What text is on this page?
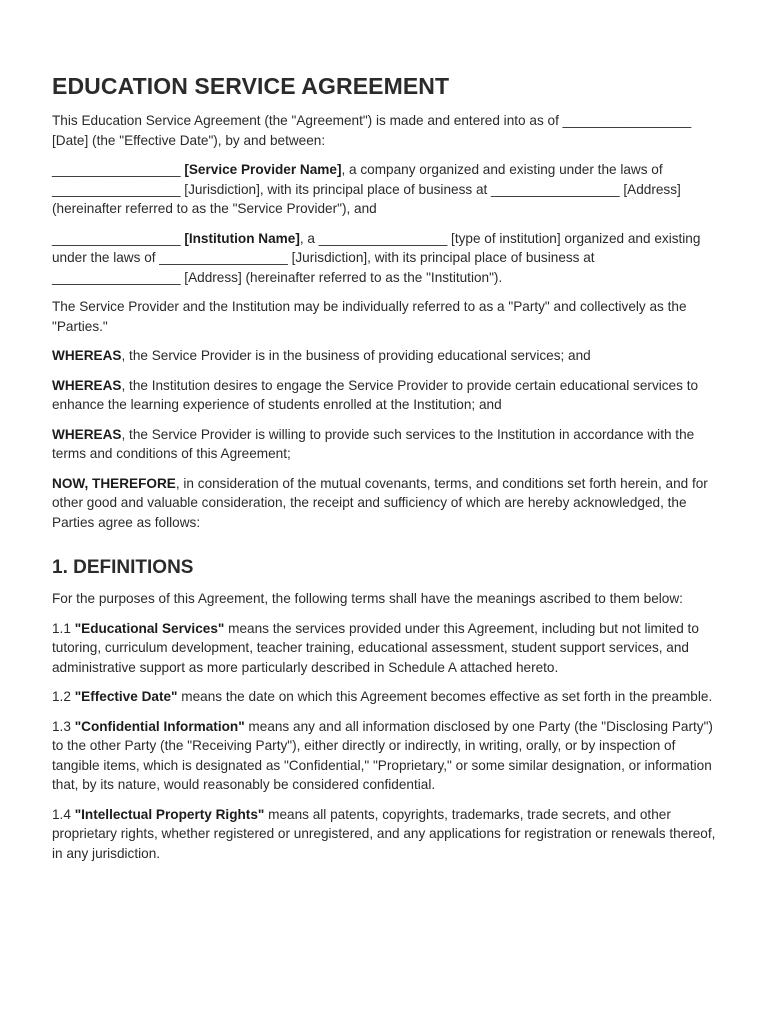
EDUCATION SERVICE AGREEMENT

This Education Service Agreement (the "Agreement") is made and entered into as of _________________ [Date] (the "Effective Date"), by and between:

_________________ [Service Provider Name], a company organized and existing under the laws of _________________ [Jurisdiction], with its principal place of business at _________________ [Address] (hereinafter referred to as the "Service Provider"), and

_________________ [Institution Name], a _________________ [type of institution] organized and existing under the laws of _________________ [Jurisdiction], with its principal place of business at _________________ [Address] (hereinafter referred to as the "Institution").

The Service Provider and the Institution may be individually referred to as a "Party" and collectively as the "Parties."

WHEREAS, the Service Provider is in the business of providing educational services; and

WHEREAS, the Institution desires to engage the Service Provider to provide certain educational services to enhance the learning experience of students enrolled at the Institution; and

WHEREAS, the Service Provider is willing to provide such services to the Institution in accordance with the terms and conditions of this Agreement;

NOW, THEREFORE, in consideration of the mutual covenants, terms, and conditions set forth herein, and for other good and valuable consideration, the receipt and sufficiency of which are hereby acknowledged, the Parties agree as follows:

1. DEFINITIONS

For the purposes of this Agreement, the following terms shall have the meanings ascribed to them below:

1.1 "Educational Services" means the services provided under this Agreement, including but not limited to tutoring, curriculum development, teacher training, educational assessment, student support services, and administrative support as more particularly described in Schedule A attached hereto.

1.2 "Effective Date" means the date on which this Agreement becomes effective as set forth in the preamble.

1.3 "Confidential Information" means any and all information disclosed by one Party (the "Disclosing Party") to the other Party (the "Receiving Party"), either directly or indirectly, in writing, orally, or by inspection of tangible items, which is designated as "Confidential," "Proprietary," or some similar designation, or information that, by its nature, would reasonably be considered confidential.

1.4 "Intellectual Property Rights" means all patents, copyrights, trademarks, trade secrets, and other proprietary rights, whether registered or unregistered, and any applications for registration or renewals thereof, in any jurisdiction.
